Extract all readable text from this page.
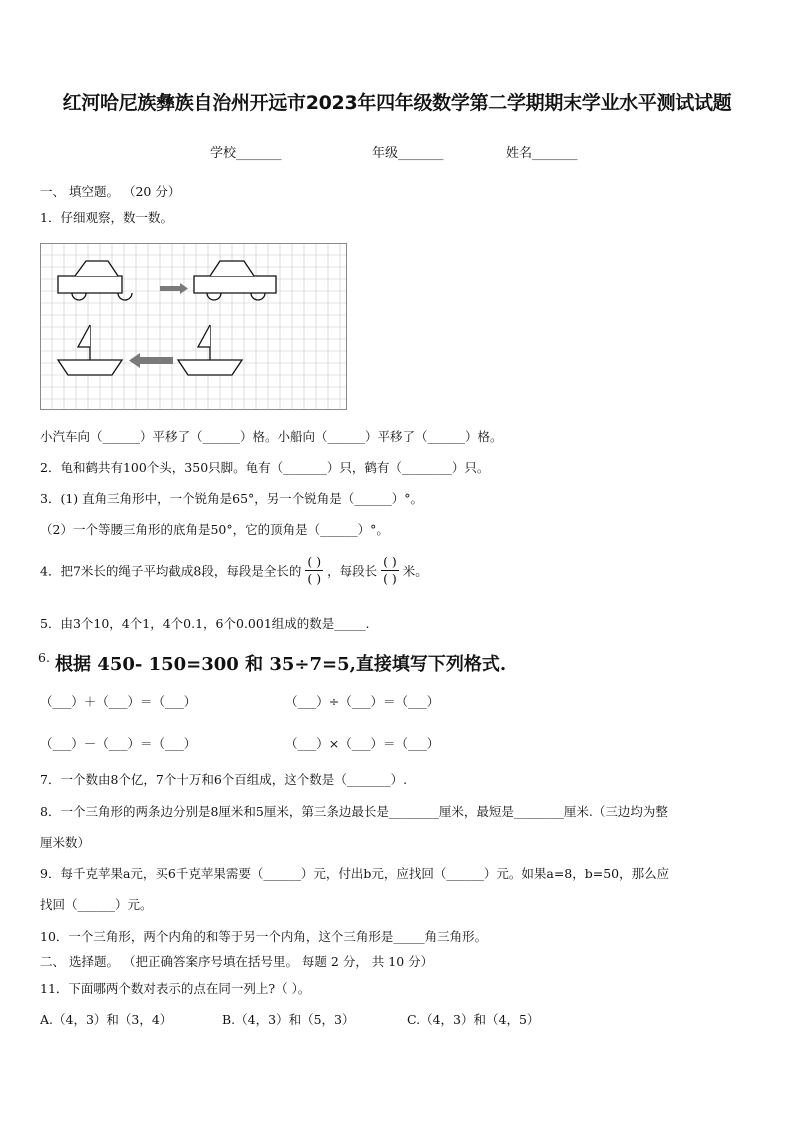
红河哈尼族彝族自治州开远市2023年四年级数学第二学期期末学业水平测试试题
学校_______	年级_______	姓名_______
一、 填空题。 （20 分）
1．仔细观察，数一数。
小汽车向（______）平移了（______）格。小船向（______）平移了（______）格。
2．龟和鹤共有100个头，350只脚。龟有（_______）只，鹤有（________）只。
3．(1) 直角三角形中，一个锐角是65°，另一个锐角是（______）°。
（2）一个等腰三角形的底角是50°，它的顶角是（______）°。
4．把7米长的绳子平均截成8段，每段是全长的 $\frac{( )}{( )}$ ，每段长 $\frac{( )}{( )}$ 米。
5．由3个10，4个1，4个0.1，6个0.001组成的数是_____.
$^{6.}$ 根据 450- 150=300 和 35÷7=5,直接填写下列格式.
（___）＋（___）＝（___）	（___）÷（___）＝（___）
（___）－（___）＝（___）	（___）×（___）＝（___）
7．一个数由8个亿，7个十万和6个百组成，这个数是（_______）.
8．一个三角形的两条边分别是8厘米和5厘米，第三条边最长是________厘米，最短是________厘米.（三边均为整
厘米数）
9．每千克苹果a元，买6千克苹果需要（______）元，付出b元，应找回（______）元。如果a=8，b=50，那么应
找回（______）元。
10．一个三角形，两个内角的和等于另一个内角，这个三角形是_____角三角形。
二、 选择题。 （把正确答案序号填在括号里。 每题 2 分， 共 10 分）
11．下面哪两个数对表示的点在同一列上?（ ）。
A.（4，3）和（3，4）	B.（4，3）和（5，3）	C.（4，3）和（4，5）
